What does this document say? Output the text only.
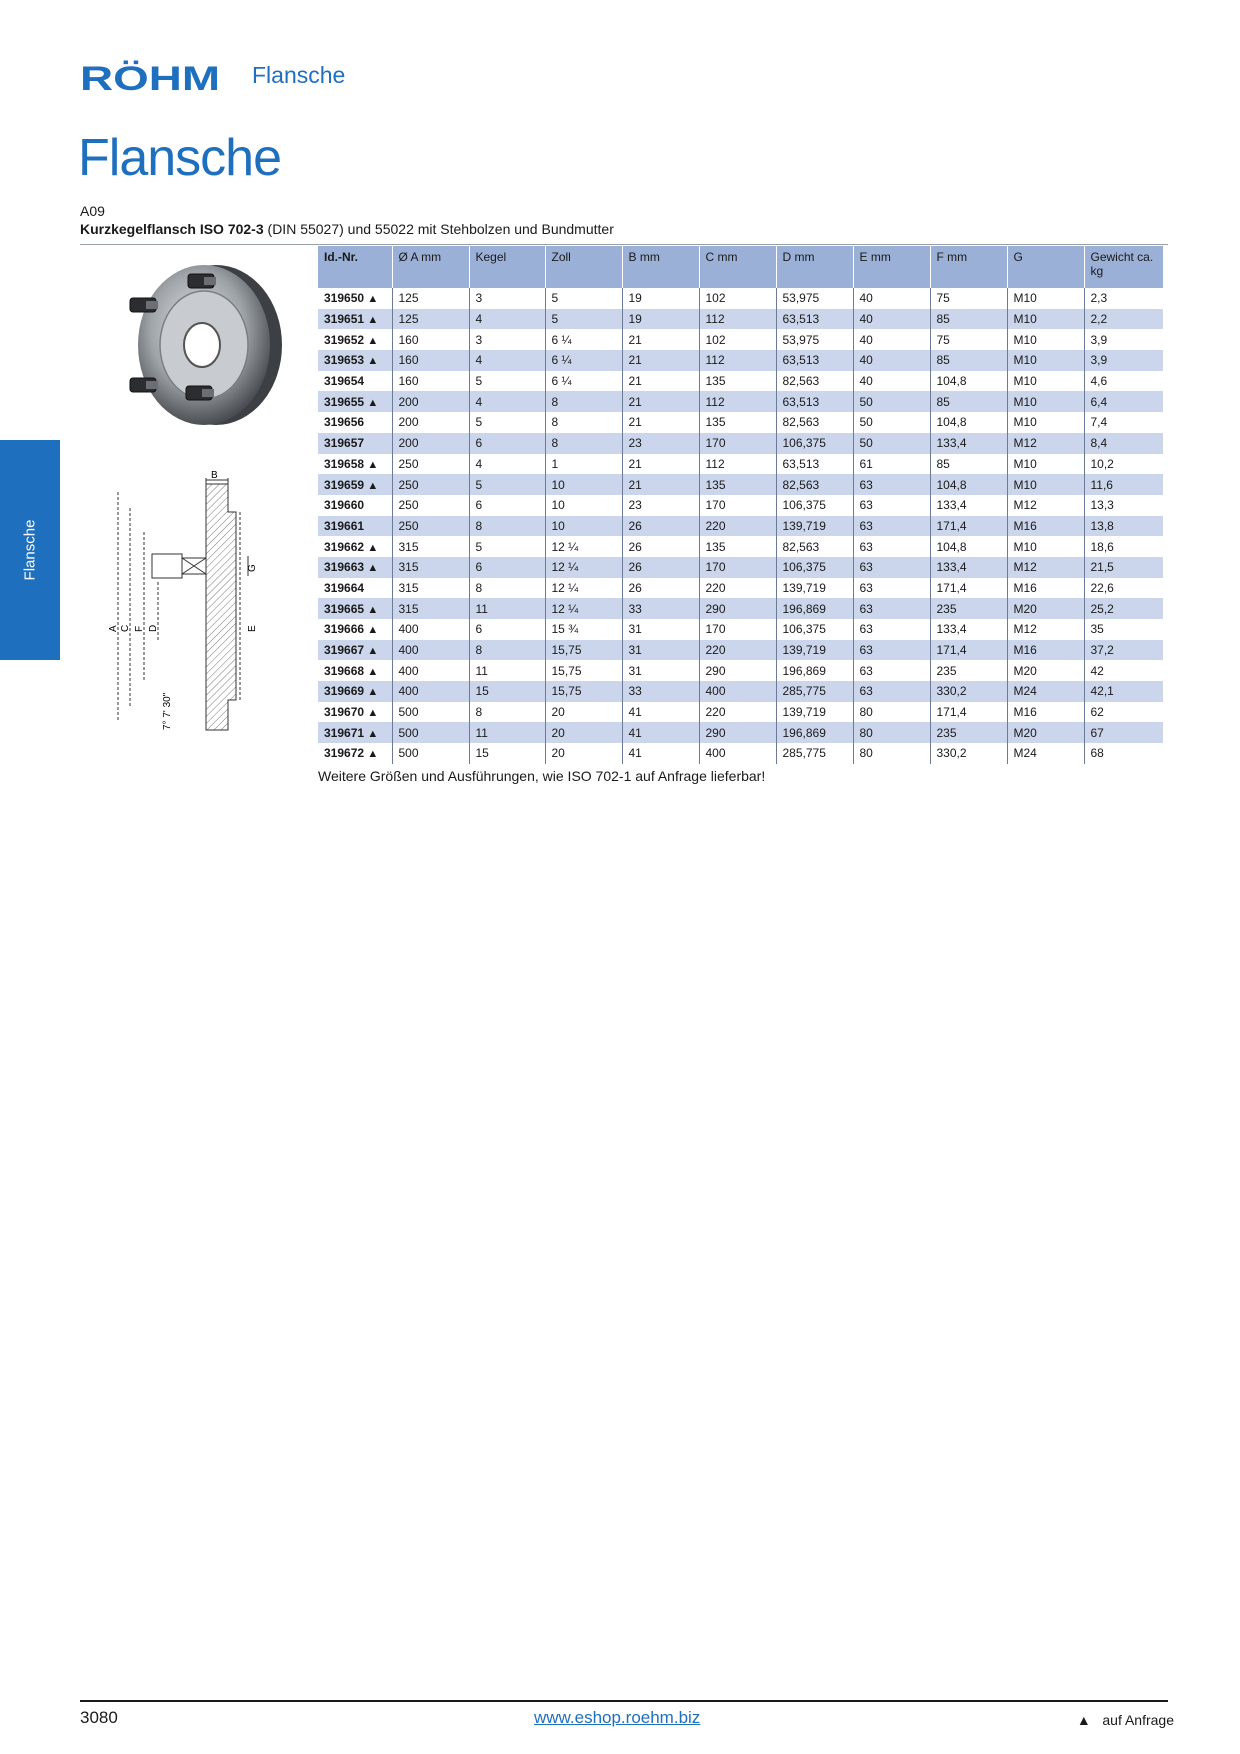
RÖHM Flansche
Flansche
A09
Kurzkegelflansch ISO 702-3 (DIN 55027) und 55022 mit Stehbolzen und Bundmutter
Flansche
B
A C F D
7° 7' 30"
G
E
Id.-Nr.	Ø A mm	Kegel	Zoll	B mm	C mm	D mm	E mm	F mm	G	Gewicht ca. kg
319650 ▲	125	3	5	19	102	53,975	40	75	M10	2,3
319651 ▲	125	4	5	19	112	63,513	40	85	M10	2,2
319652 ▲	160	3	6 ¼	21	102	53,975	40	75	M10	3,9
319653 ▲	160	4	6 ¼	21	112	63,513	40	85	M10	3,9
319654	160	5	6 ¼	21	135	82,563	40	104,8	M10	4,6
319655 ▲	200	4	8	21	112	63,513	50	85	M10	6,4
319656	200	5	8	21	135	82,563	50	104,8	M10	7,4
319657	200	6	8	23	170	106,375	50	133,4	M12	8,4
319658 ▲	250	4	1	21	112	63,513	61	85	M10	10,2
319659 ▲	250	5	10	21	135	82,563	63	104,8	M10	11,6
319660	250	6	10	23	170	106,375	63	133,4	M12	13,3
319661	250	8	10	26	220	139,719	63	171,4	M16	13,8
319662 ▲	315	5	12 ¼	26	135	82,563	63	104,8	M10	18,6
319663 ▲	315	6	12 ¼	26	170	106,375	63	133,4	M12	21,5
319664	315	8	12 ¼	26	220	139,719	63	171,4	M16	22,6
319665 ▲	315	11	12 ¼	33	290	196,869	63	235	M20	25,2
319666 ▲	400	6	15 ¾	31	170	106,375	63	133,4	M12	35
319667 ▲	400	8	15,75	31	220	139,719	63	171,4	M16	37,2
319668 ▲	400	11	15,75	31	290	196,869	63	235	M20	42
319669 ▲	400	15	15,75	33	400	285,775	63	330,2	M24	42,1
319670 ▲	500	8	20	41	220	139,719	80	171,4	M16	62
319671 ▲	500	11	20	41	290	196,869	80	235	M20	67
319672 ▲	500	15	20	41	400	285,775	80	330,2	M24	68
Weitere Größen und Ausführungen, wie ISO 702-1 auf Anfrage lieferbar!
3080	www.eshop.roehm.biz	▲ auf Anfrage
